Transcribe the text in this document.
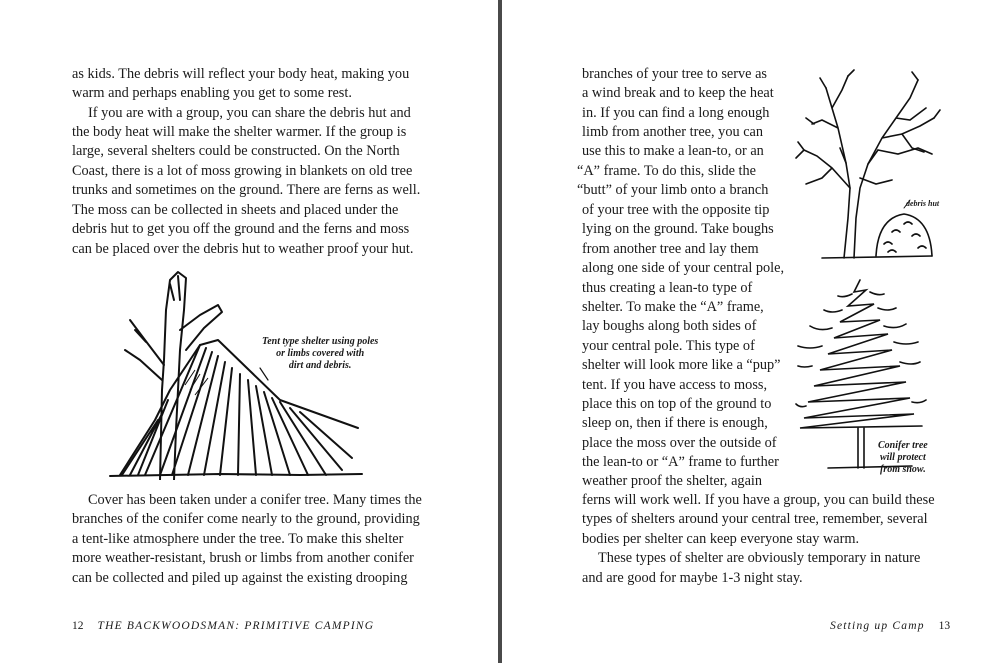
as kids. The debris will reflect your body heat, making you
warm and perhaps enabling you get to some rest.
If you are with a group, you can share the debris hut and
the body heat will make the shelter warmer. If the group is
large, several shelters could be constructed. On the North
Coast, there is a lot of moss growing in blankets on old tree
trunks and sometimes on the ground. There are ferns as well.
The moss can be collected in sheets and placed under the
debris hut to get you off the ground and the ferns and moss
can be placed over the debris hut to weather proof your hut.
Tent type shelter using poles
or limbs covered with
dirt and debris.
Cover has been taken under a conifer tree. Many times the
branches of the conifer come nearly to the ground, providing
a tent-like atmosphere under the tree. To make this shelter
more weather-resistant, brush or limbs from another conifer
can be collected and piled up against the existing drooping
12 THE BACKWOODSMAN: PRIMITIVE CAMPING
branches of your tree to serve as
a wind break and to keep the heat
in. If you can find a long enough
limb from another tree, you can
use this to make a lean-to, or an
“A” frame. To do this, slide the
“butt” of your limb onto a branch
of your tree with the opposite tip
lying on the ground. Take boughs
from another tree and lay them
along one side of your central pole,
thus creating a lean-to type of
shelter. To make the “A” frame,
lay boughs along both sides of
your central pole. This type of
shelter will look more like a “pup”
tent. If you have access to moss,
place this on top of the ground to
sleep on, then if there is enough,
place the moss over the outside of
the lean-to or “A” frame to further
weather proof the shelter, again
ferns will work well. If you have a group, you can build these
types of shelters around your central tree, remember, several
bodies per shelter can keep everyone stay warm.
These types of shelter are obviously temporary in nature
and are good for maybe 1-3 night stay.
debris hut
Conifer tree
will protect
from snow.
Setting up Camp 13
